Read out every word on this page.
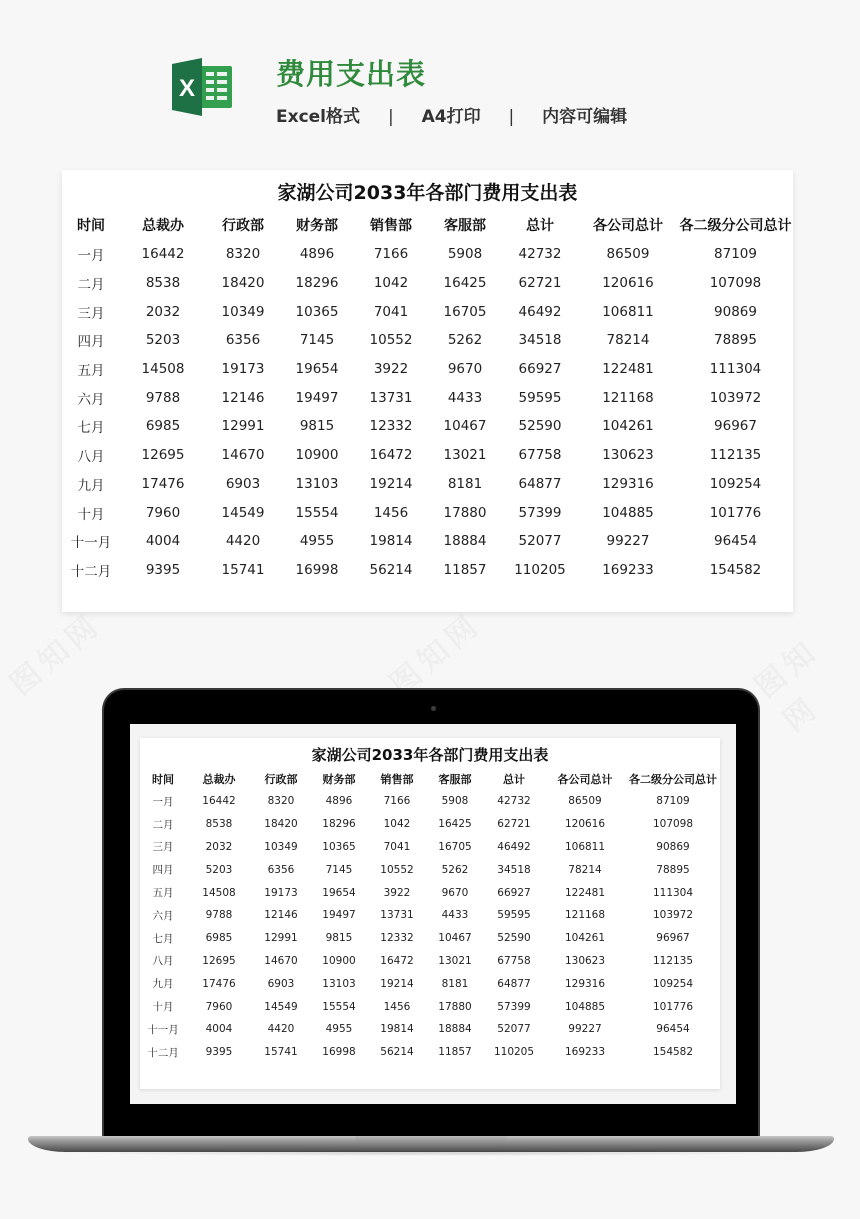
X	费用支出表
Excel格式 | A4打印 | 内容可编辑
家湖公司2033年各部门费用支出表
时间	总裁办	行政部	财务部	销售部	客服部	总计	各公司总计	各二级分公司总计
一月	16442	8320	4896	7166	5908	42732	86509	87109
二月	8538	18420	18296	1042	16425	62721	120616	107098
三月	2032	10349	10365	7041	16705	46492	106811	90869
四月	5203	6356	7145	10552	5262	34518	78214	78895
五月	14508	19173	19654	3922	9670	66927	122481	111304
六月	9788	12146	19497	13731	4433	59595	121168	103972
七月	6985	12991	9815	12332	10467	52590	104261	96967
八月	12695	14670	10900	16472	13021	67758	130623	112135
九月	17476	6903	13103	19214	8181	64877	129316	109254
十月	7960	14549	15554	1456	17880	57399	104885	101776
十一月	4004	4420	4955	19814	18884	52077	99227	96454
十二月	9395	15741	16998	56214	11857	110205	169233	154582
家湖公司2033年各部门费用支出表
时间	总裁办	行政部	财务部	销售部	客服部	总计	各公司总计	各二级分公司总计
一月	16442	8320	4896	7166	5908	42732	86509	87109
二月	8538	18420	18296	1042	16425	62721	120616	107098
三月	2032	10349	10365	7041	16705	46492	106811	90869
四月	5203	6356	7145	10552	5262	34518	78214	78895
五月	14508	19173	19654	3922	9670	66927	122481	111304
六月	9788	12146	19497	13731	4433	59595	121168	103972
七月	6985	12991	9815	12332	10467	52590	104261	96967
八月	12695	14670	10900	16472	13021	67758	130623	112135
九月	17476	6903	13103	19214	8181	64877	129316	109254
十月	7960	14549	15554	1456	17880	57399	104885	101776
十一月	4004	4420	4955	19814	18884	52077	99227	96454
十二月	9395	15741	16998	56214	11857	110205	169233	154582
